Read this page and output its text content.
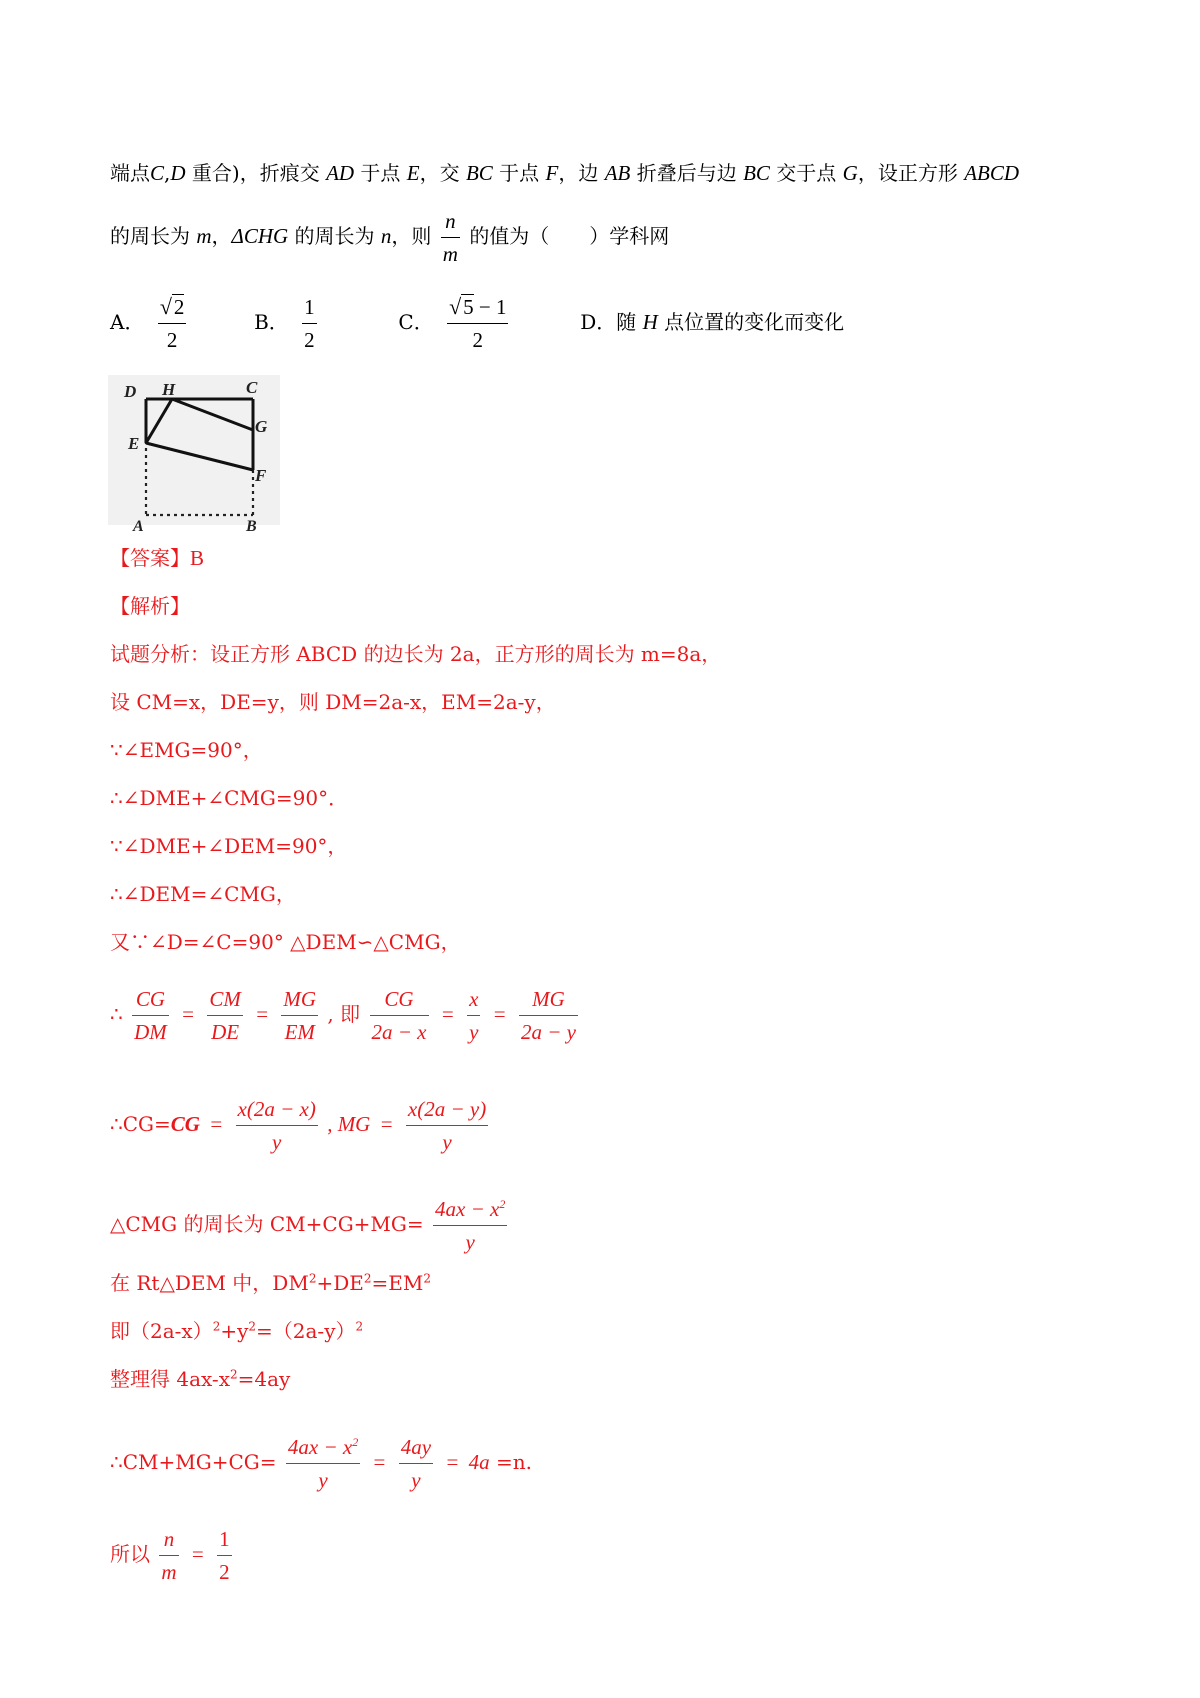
端点C,D 重合)，折痕交 AD 于点 E，交 BC 于点 F，边 AB 折叠后与边 BC 交于点 G，设正方形 ABCD
的周长为 m，ΔCHG 的周长为 n，则 $\frac{n}{m}$ 的值为（　　）学科网
A． $\frac{√2}{2}$	B． $\frac{1}{2}$	C． $\frac{√5 - 1}{2}$	D．随 H 点位置的变化而变化
D H	C
G
E
F
A	B
【答案】B
【解析】
试题分析：设正方形 ABCD 的边长为 2a，正方形的周长为 m=8a，
设 CM=x，DE=y，则 DM=2a-x，EM=2a-y，
∵∠EMG=90°，
∴∠DME+∠CMG=90°．
∵∠DME+∠DEM=90°，
∴∠DEM=∠CMG，
又∵∠D=∠C=90° △DEM∽△CMG，
∴ $\frac{CG}{DM} = \frac{CM}{DE} = \frac{MG}{EM}$ , 即 $\frac{CG}{2a - x} = \frac{x}{y} = \frac{MG}{2a - y}$
∴CG=CG = $\frac{x(2a - x)}{y}$ , MG = $\frac{x(2a - y)}{y}$
△CMG 的周长为 $CM+CG+MG= \frac{4ax - x^2}{y}$
在 Rt△DEM 中，$DM^2+DE^2=EM^2$
即$(2a-x)^2+y^2=(2a-y)^2$
整理得 $4ax-x^2=4ay$
∴CM+MG+CG= $\frac{4ax - x^2}{y} = \frac{4ay}{y} = 4a =n$.
所以 $\frac{n}{m} = \frac{1}{2}$
